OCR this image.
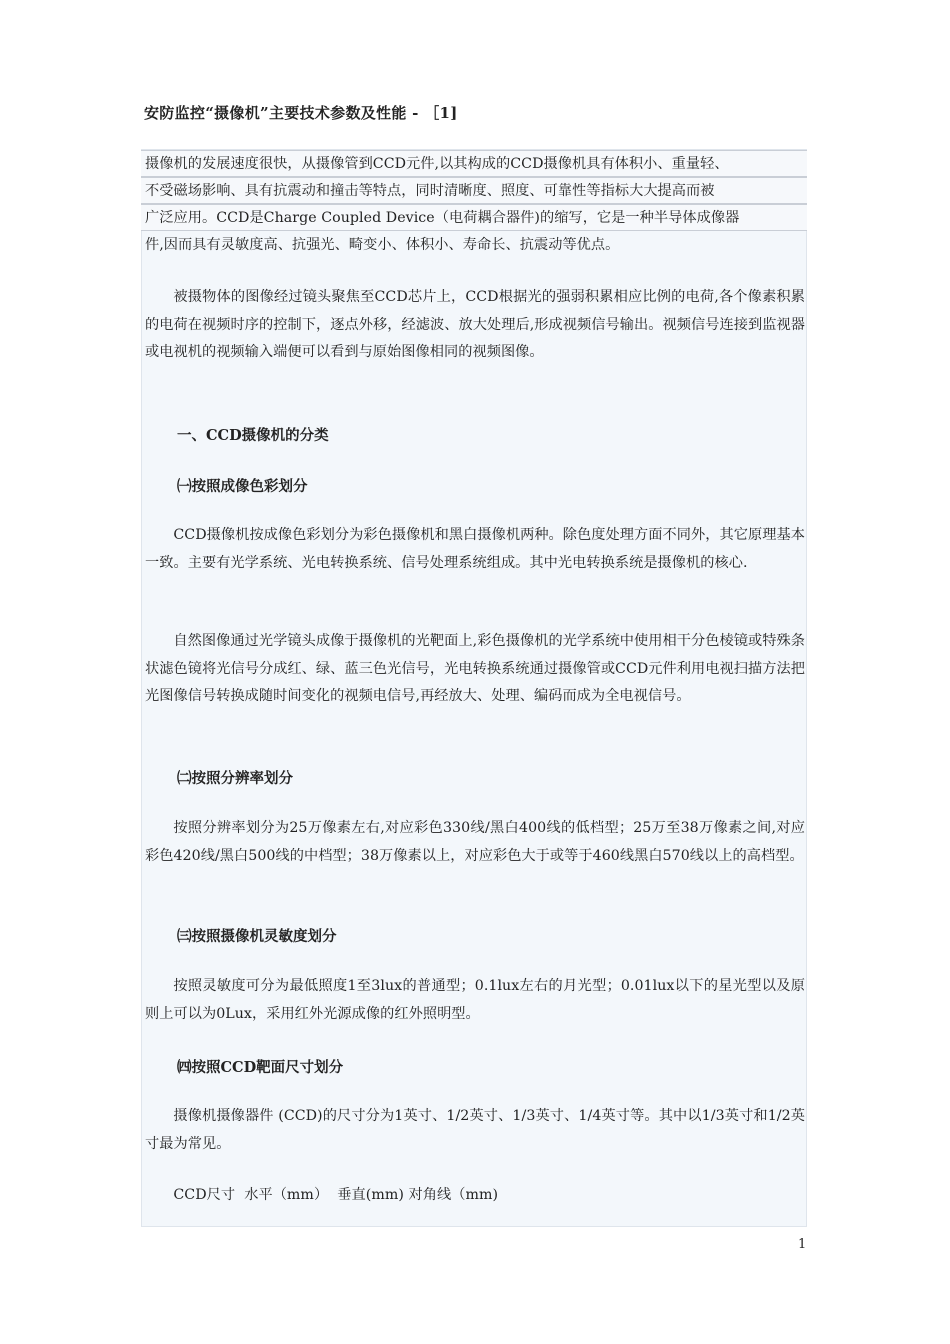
安防监控“摄像机”主要技术参数及性能 - ［1]
摄像机的发展速度很快，从摄像管到CCD元件,以其构成的CCD摄像机具有体积小、重量轻、
不受磁场影响、具有抗震动和撞击等特点，同时清晰度、照度、可靠性等指标大大提高而被
广泛应用。CCD是Charge Coupled Device（电荷耦合器件)的缩写，它是一种半导体成像器
件,因而具有灵敏度高、抗强光、畸变小、体积小、寿命长、抗震动等优点。
被摄物体的图像经过镜头聚焦至CCD芯片上，CCD根据光的强弱积累相应比例的电荷,各个像素积累的电荷在视频时序的控制下，逐点外移，经滤波、放大处理后,形成视频信号输出。视频信号连接到监视器或电视机的视频输入端便可以看到与原始图像相同的视频图像。
一、CCD摄像机的分类
㈠按照成像色彩划分
CCD摄像机按成像色彩划分为彩色摄像机和黑白摄像机两种。除色度处理方面不同外，其它原理基本一致。主要有光学系统、光电转换系统、信号处理系统组成。其中光电转换系统是摄像机的核心.
自然图像通过光学镜头成像于摄像机的光靶面上,彩色摄像机的光学系统中使用相干分色棱镜或特殊条状滤色镜将光信号分成红、绿、蓝三色光信号，光电转换系统通过摄像管或CCD元件利用电视扫描方法把光图像信号转换成随时间变化的视频电信号,再经放大、处理、编码而成为全电视信号。
㈡按照分辨率划分
按照分辨率划分为25万像素左右,对应彩色330线/黑白400线的低档型；25万至38万像素之间,对应彩色420线/黑白500线的中档型；38万像素以上，对应彩色大于或等于460线黑白570线以上的高档型。
㈢按照摄像机灵敏度划分
按照灵敏度可分为最低照度1至3lux的普通型；0.1lux左右的月光型；0.01lux以下的星光型以及原则上可以为0Lux，采用红外光源成像的红外照明型。
㈣按照CCD靶面尺寸划分
摄像机摄像器件 (CCD)的尺寸分为1英寸、1/2英寸、1/3英寸、1/4英寸等。其中以1/3英寸和1/2英寸最为常见。
CCD尺寸  水平（mm）  垂直(mm) 对角线（mm)
1
